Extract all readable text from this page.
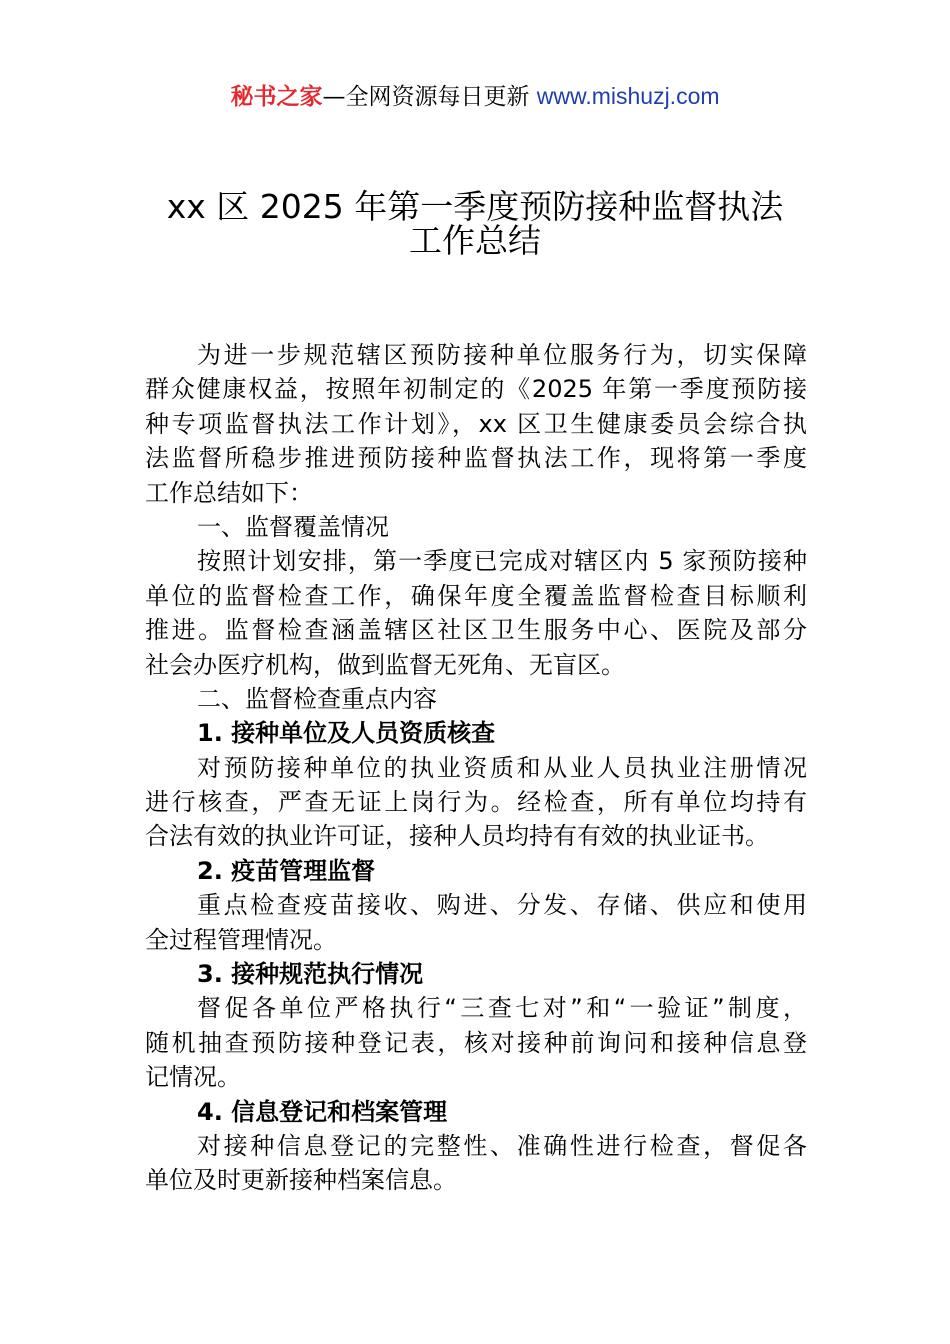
秘书之家—全网资源每日更新 www.mishuzj.com
xx 区 2025 年第一季度预防接种监督执法
工作总结
为进一步规范辖区预防接种单位服务行为，切实保障
群众健康权益，按照年初制定的《2025 年第一季度预防接
种专项监督执法工作计划》，xx 区卫生健康委员会综合执
法监督所稳步推进预防接种监督执法工作，现将第一季度
工作总结如下：
一、监督覆盖情况
按照计划安排，第一季度已完成对辖区内 5 家预防接种
单位的监督检查工作，确保年度全覆盖监督检查目标顺利
推进。监督检查涵盖辖区社区卫生服务中心、医院及部分
社会办医疗机构，做到监督无死角、无盲区。
二、监督检查重点内容
1. 接种单位及人员资质核查
对预防接种单位的执业资质和从业人员执业注册情况
进行核查，严查无证上岗行为。经检查，所有单位均持有
合法有效的执业许可证，接种人员均持有有效的执业证书。
2. 疫苗管理监督
重点检查疫苗接收、购进、分发、存储、供应和使用
全过程管理情况。
3. 接种规范执行情况
督促各单位严格执行“三查七对”和“一验证”制度，
随机抽查预防接种登记表，核对接种前询问和接种信息登
记情况。
4. 信息登记和档案管理
对接种信息登记的完整性、准确性进行检查，督促各
单位及时更新接种档案信息。
